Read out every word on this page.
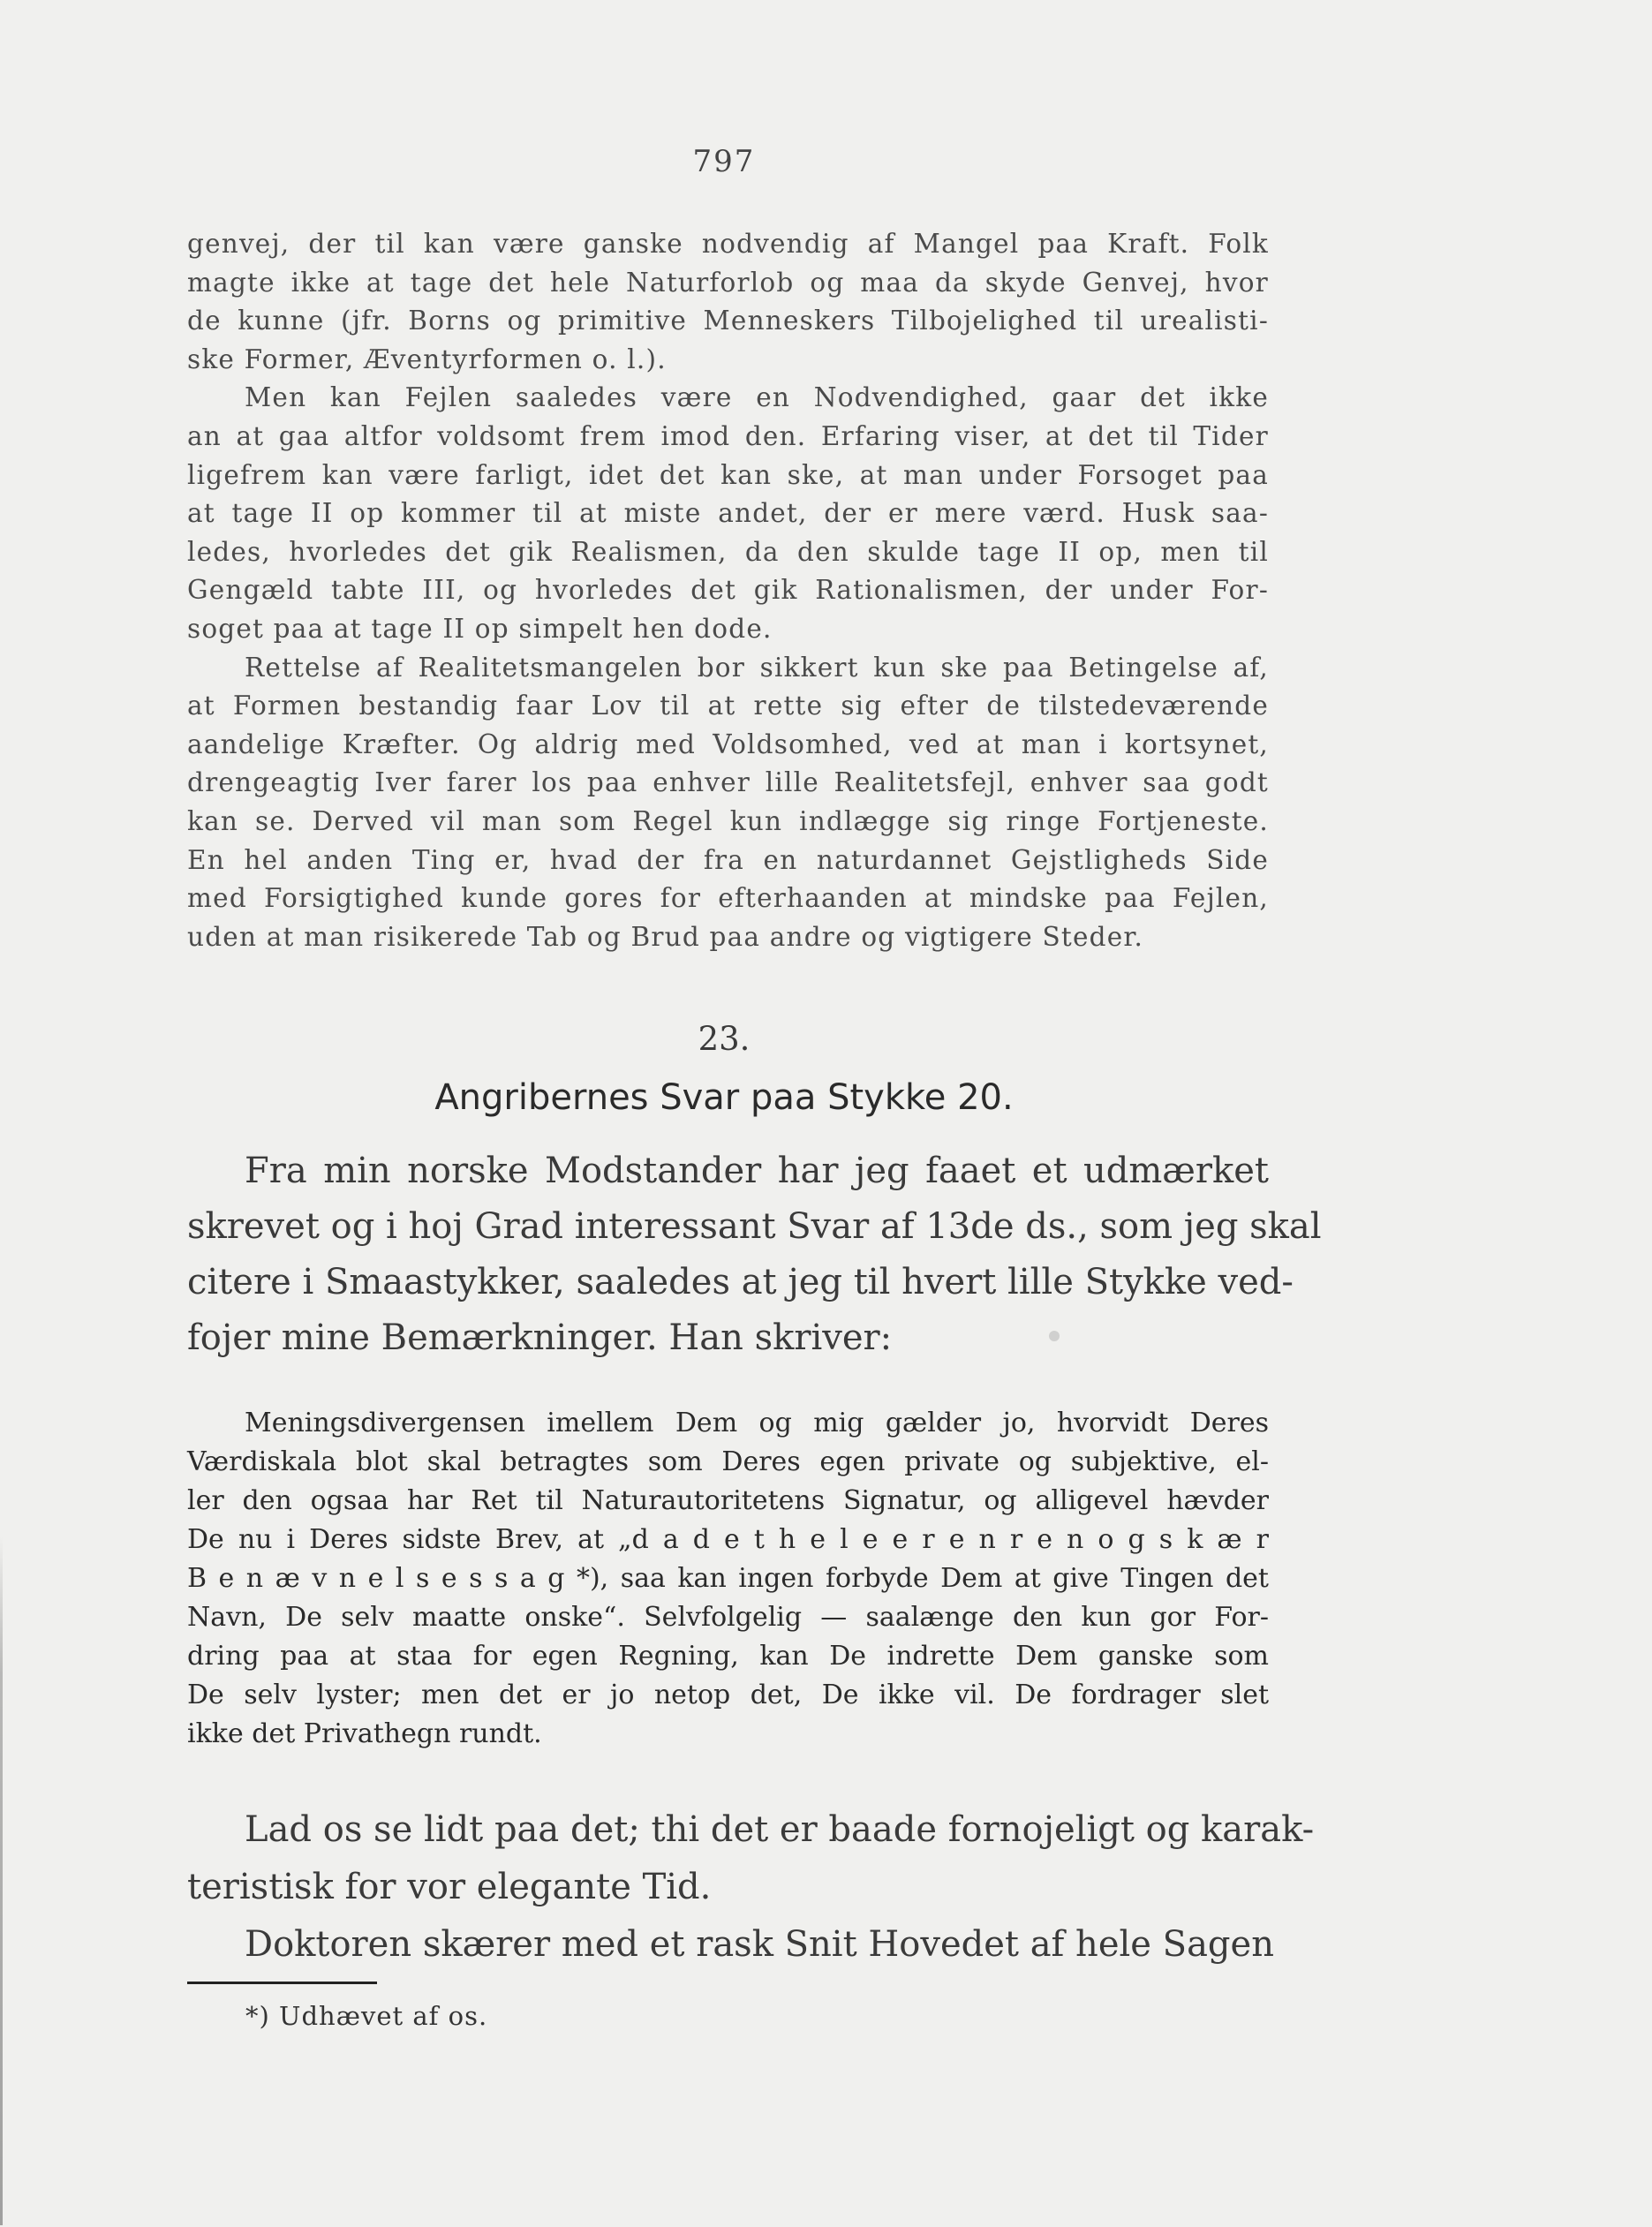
797
genvej, der til kan være ganske nodvendig af Mangel paa Kraft. Folk
magte ikke at tage det hele Naturforlob og maa da skyde Genvej, hvor
de kunne (jfr. Borns og primitive Menneskers Tilbojelighed til urealisti-
ske Former, Æventyrformen o. l.).
Men kan Fejlen saaledes være en Nodvendighed, gaar det ikke
an at gaa altfor voldsomt frem imod den. Erfaring viser, at det til Tider
ligefrem kan være farligt, idet det kan ske, at man under Forsoget paa
at tage II op kommer til at miste andet, der er mere værd. Husk saa-
ledes, hvorledes det gik Realismen, da den skulde tage II op, men til
Gengæld tabte III, og hvorledes det gik Rationalismen, der under For-
soget paa at tage II op simpelt hen dode.
Rettelse af Realitetsmangelen bor sikkert kun ske paa Betingelse af,
at Formen bestandig faar Lov til at rette sig efter de tilstedeværende
aandelige Kræfter. Og aldrig med Voldsomhed, ved at man i kortsynet,
drengeagtig Iver farer los paa enhver lille Realitetsfejl, enhver saa godt
kan se. Derved vil man som Regel kun indlægge sig ringe Fortjeneste.
En hel anden Ting er, hvad der fra en naturdannet Gejstligheds Side
med Forsigtighed kunde gores for efterhaanden at mindske paa Fejlen,
uden at man risikerede Tab og Brud paa andre og vigtigere Steder.
23.
Angribernes Svar paa Stykke 20.
Fra min norske Modstander har jeg faaet et udmærket
skrevet og i hoj Grad interessant Svar af 13de ds., som jeg skal
citere i Smaastykker, saaledes at jeg til hvert lille Stykke ved-
fojer mine Bemærkninger. Han skriver:
Meningsdivergensen imellem Dem og mig gælder jo, hvorvidt Deres
Værdiskala blot skal betragtes som Deres egen private og subjektive, el-
ler den ogsaa har Ret til Naturautoritetens Signatur, og alligevel hævder
De nu i Deres sidste Brev, at „d a d e t h e l e e r e n r e n o g s k æ r
B e n æ v n e l s e s s a g *), saa kan ingen forbyde Dem at give Tingen det
Navn, De selv maatte onske“. Selvfolgelig — saalænge den kun gor For-
dring paa at staa for egen Regning, kan De indrette Dem ganske som
De selv lyster; men det er jo netop det, De ikke vil. De fordrager slet
ikke det Privathegn rundt.
Lad os se lidt paa det; thi det er baade fornojeligt og karak-
teristisk for vor elegante Tid.
Doktoren skærer med et rask Snit Hovedet af hele Sagen
*) Udhævet af os.
